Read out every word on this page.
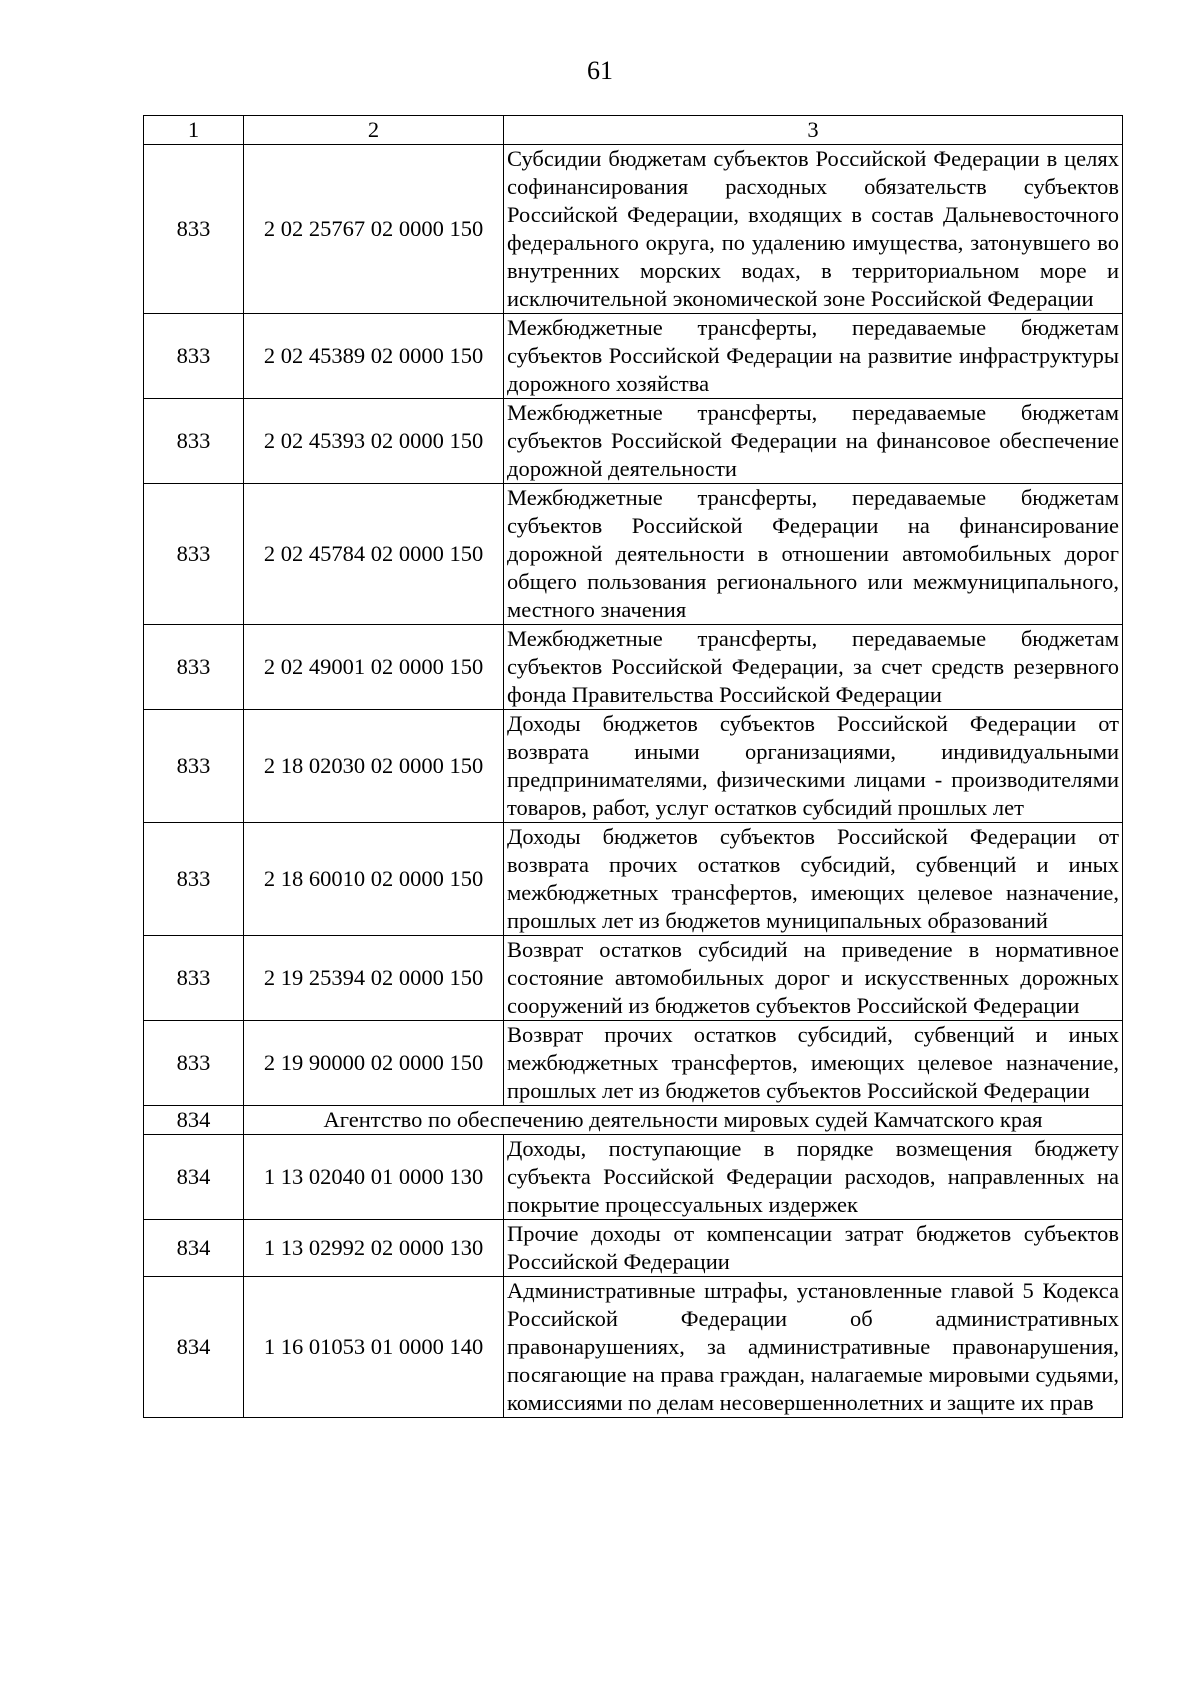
61
1	2	3
833	2 02 25767 02 0000 150	Субсидии бюджетам субъектов Российской Федерации в целях софинансирования расходных обязательств субъектов Российской Федерации, входящих в состав Дальневосточного федерального округа, по удалению имущества, затонувшего во внутренних морских водах, в территориальном море и исключительной экономической зоне Российской Федерации
833	2 02 45389 02 0000 150	Межбюджетные трансферты, передаваемые бюджетам субъектов Российской Федерации на развитие инфраструктуры дорожного хозяйства
833	2 02 45393 02 0000 150	Межбюджетные трансферты, передаваемые бюджетам субъектов Российской Федерации на финансовое обеспечение дорожной деятельности
833	2 02 45784 02 0000 150	Межбюджетные трансферты, передаваемые бюджетам субъектов Российской Федерации на финансирование дорожной деятельности в отношении автомобильных дорог общего пользования регионального или межмуниципального, местного значения
833	2 02 49001 02 0000 150	Межбюджетные трансферты, передаваемые бюджетам субъектов Российской Федерации, за счет средств резервного фонда Правительства Российской Федерации
833	2 18 02030 02 0000 150	Доходы бюджетов субъектов Российской Федерации от возврата иными организациями, индивидуальными предпринимателями, физическими лицами - производителями товаров, работ, услуг остатков субсидий прошлых лет
833	2 18 60010 02 0000 150	Доходы бюджетов субъектов Российской Федерации от возврата прочих остатков субсидий, субвенций и иных межбюджетных трансфертов, имеющих целевое назначение, прошлых лет из бюджетов муниципальных образований
833	2 19 25394 02 0000 150	Возврат остатков субсидий на приведение в нормативное состояние автомобильных дорог и искусственных дорожных сооружений из бюджетов субъектов Российской Федерации
833	2 19 90000 02 0000 150	Возврат прочих остатков субсидий, субвенций и иных межбюджетных трансфертов, имеющих целевое назначение, прошлых лет из бюджетов субъектов Российской Федерации
834	Агентство по обеспечению деятельности мировых судей Камчатского края	
834	1 13 02040 01 0000 130	Доходы, поступающие в порядке возмещения бюджету субъекта Российской Федерации расходов, направленных на покрытие процессуальных издержек
834	1 13 02992 02 0000 130	Прочие доходы от компенсации затрат бюджетов субъектов Российской Федерации
834	1 16 01053 01 0000 140	Административные штрафы, установленные главой 5 Кодекса Российской Федерации об административных правонарушениях, за административные правонарушения, посягающие на права граждан, налагаемые мировыми судьями, комиссиями по делам несовершеннолетних и защите их прав
